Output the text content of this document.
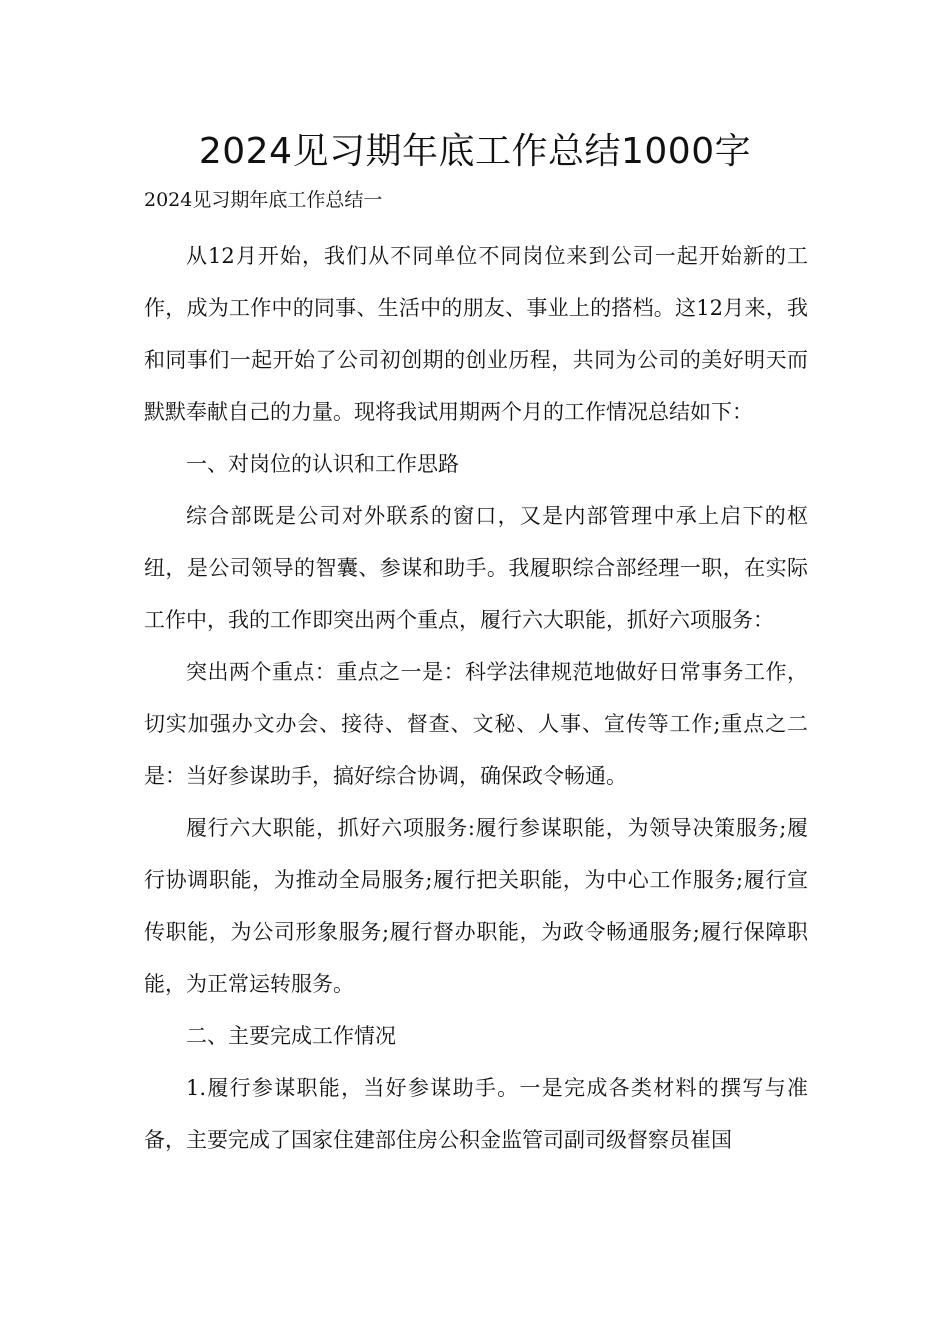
2024见习期年底工作总结1000字

2024见习期年底工作总结一

从12月开始，我们从不同单位不同岗位来到公司一起开始新的工作，成为工作中的同事、生活中的朋友、事业上的搭档。这12月来，我和同事们一起开始了公司初创期的创业历程，共同为公司的美好明天而默默奉献自己的力量。现将我试用期两个月的工作情况总结如下：

一、对岗位的认识和工作思路

综合部既是公司对外联系的窗口，又是内部管理中承上启下的枢纽，是公司领导的智囊、参谋和助手。我履职综合部经理一职，在实际工作中，我的工作即突出两个重点，履行六大职能，抓好六项服务：

突出两个重点：重点之一是：科学法律规范地做好日常事务工作，切实加强办文办会、接待、督查、文秘、人事、宣传等工作;重点之二是：当好参谋助手，搞好综合协调，确保政令畅通。

履行六大职能，抓好六项服务:履行参谋职能，为领导决策服务;履行协调职能，为推动全局服务;履行把关职能，为中心工作服务;履行宣传职能，为公司形象服务;履行督办职能，为政令畅通服务;履行保障职能，为正常运转服务。

二、主要完成工作情况

1.履行参谋职能，当好参谋助手。一是完成各类材料的撰写与准备，主要完成了国家住建部住房公积金监管司副司级督察员崔国
